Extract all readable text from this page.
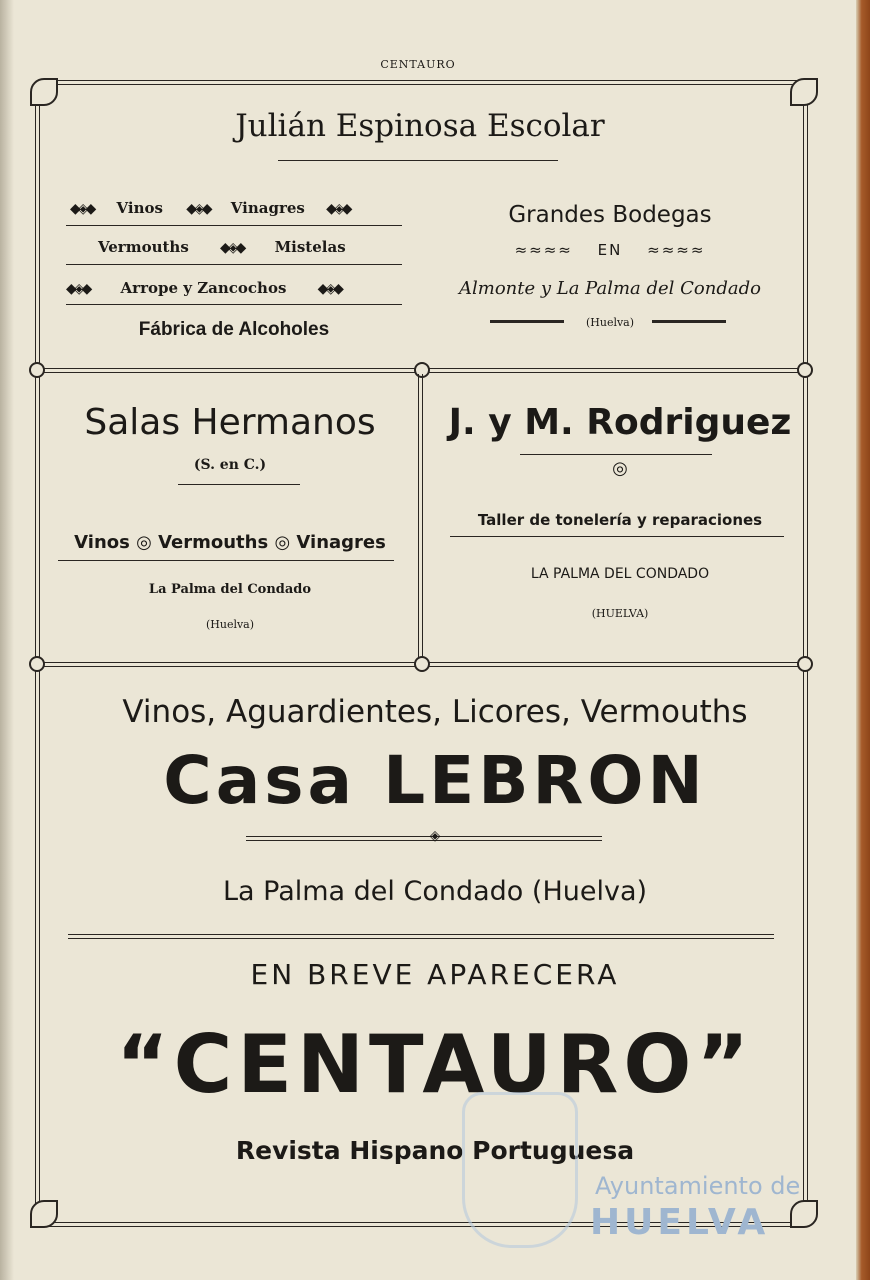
CENTAURO
Julián Espinosa Escolar
◆◈◆ Vinos ◆◈◆ Vinagres ◆◈◆
Vermouths ◆◈◆ Mistelas
◆◈◆ Arrope y Zancochos ◆◈◆
Fábrica de Alcoholes
Grandes Bodegas
≈≈≈≈ EN ≈≈≈≈
Almonte y La Palma del Condado
(Huelva)
Salas Hermanos
(S. en C.)
Vinos ◎ Vermouths ◎ Vinagres
La Palma del Condado
(Huelva)
J. y M. Rodriguez
◎
Taller de tonelería y reparaciones
LA PALMA DEL CONDADO
(HUELVA)
Vinos, Aguardientes, Licores, Vermouths
Casa LEBRON
◈
La Palma del Condado (Huelva)
EN BREVE APARECERA
“CENTAURO”
Revista Hispano Portuguesa
Ayuntamiento de
HUELVA
